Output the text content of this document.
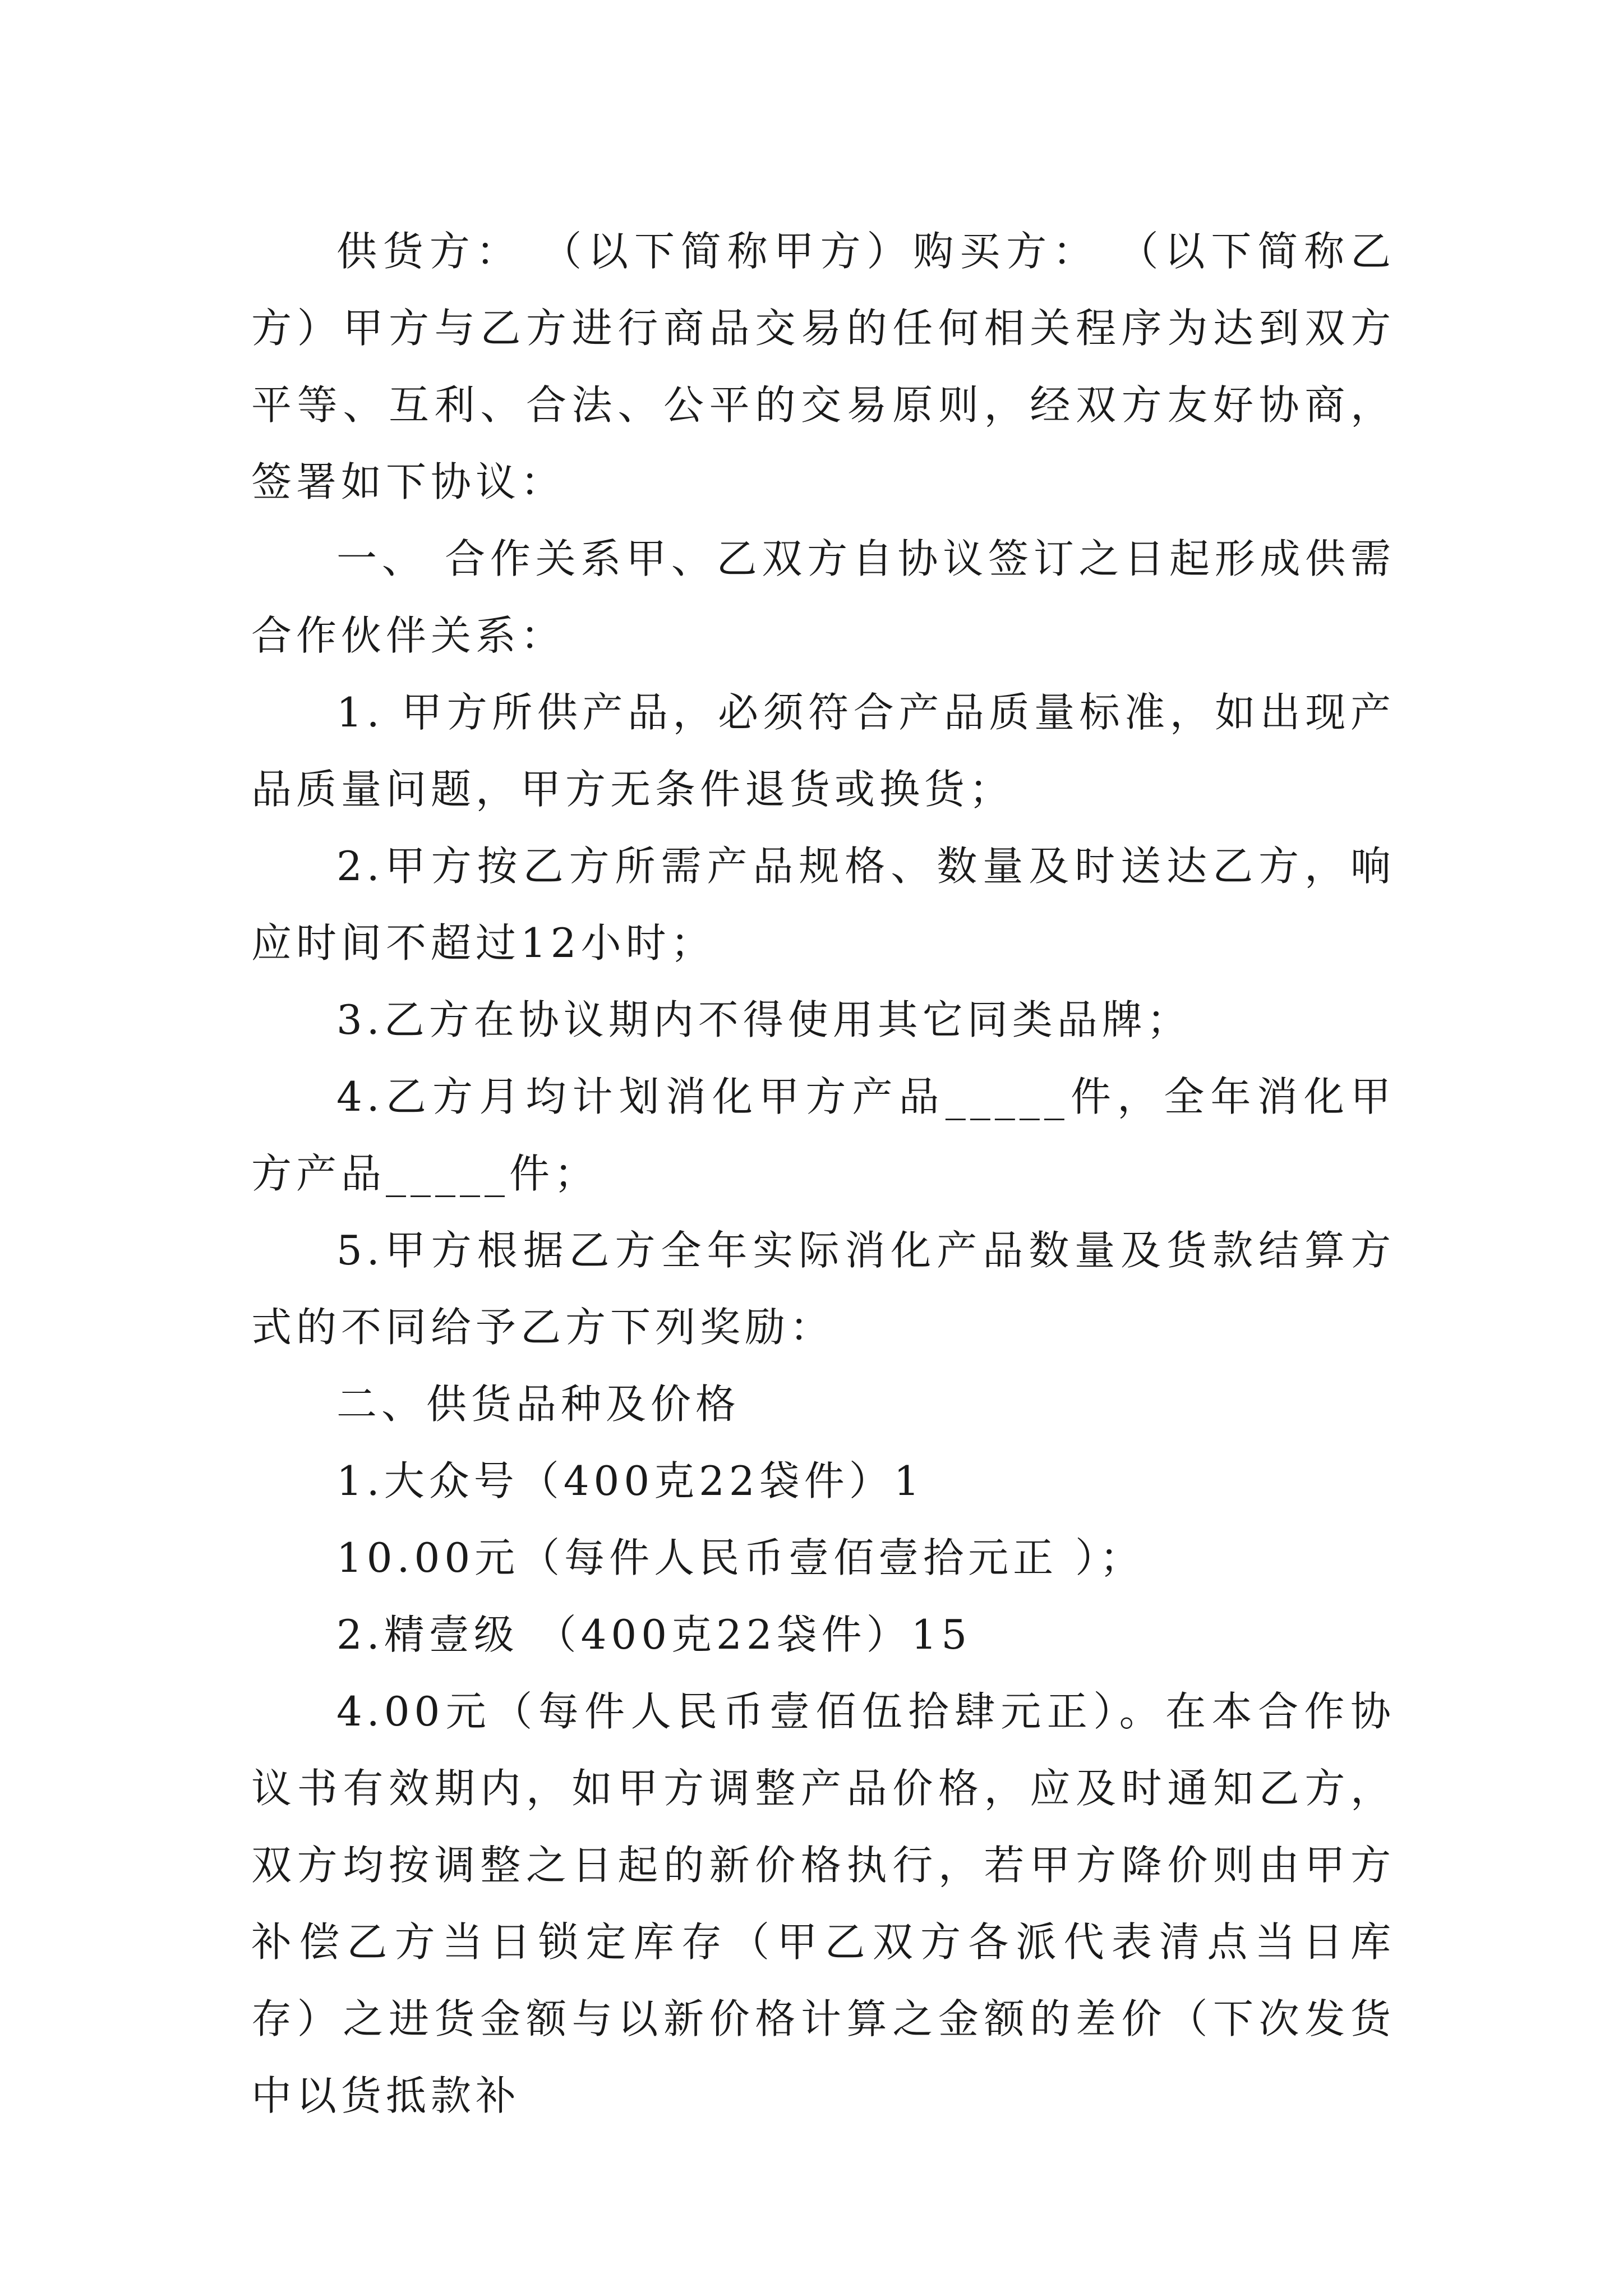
供货方： （以下简称甲方）购买方： （以下简称乙方）甲方与乙方进行商品交易的任何相关程序为达到双方平等、互利、合法、公平的交易原则，经双方友好协商，签署如下协议：

一、 合作关系甲、乙双方自协议签订之日起形成供需合作伙伴关系：

1. 甲方所供产品，必须符合产品质量标准，如出现产品质量问题，甲方无条件退货或换货；

2.甲方按乙方所需产品规格、数量及时送达乙方，响应时间不超过12小时；

3.乙方在协议期内不得使用其它同类品牌；

4.乙方月均计划消化甲方产品_____件，全年消化甲方产品_____件；

5.甲方根据乙方全年实际消化产品数量及货款结算方式的不同给予乙方下列奖励：

二、供货品种及价格

1.大众号（400克22袋件）1

10.00元（每件人民币壹佰壹拾元正 ）；

2.精壹级 （400克22袋件）15

4.00元（每件人民币壹佰伍拾肆元正）。在本合作协议书有效期内，如甲方调整产品价格，应及时通知乙方，双方均按调整之日起的新价格执行，若甲方降价则由甲方补偿乙方当日锁定库存（甲乙双方各派代表清点当日库存）之进货金额与以新价格计算之金额的差价（下次发货中以货抵款补
